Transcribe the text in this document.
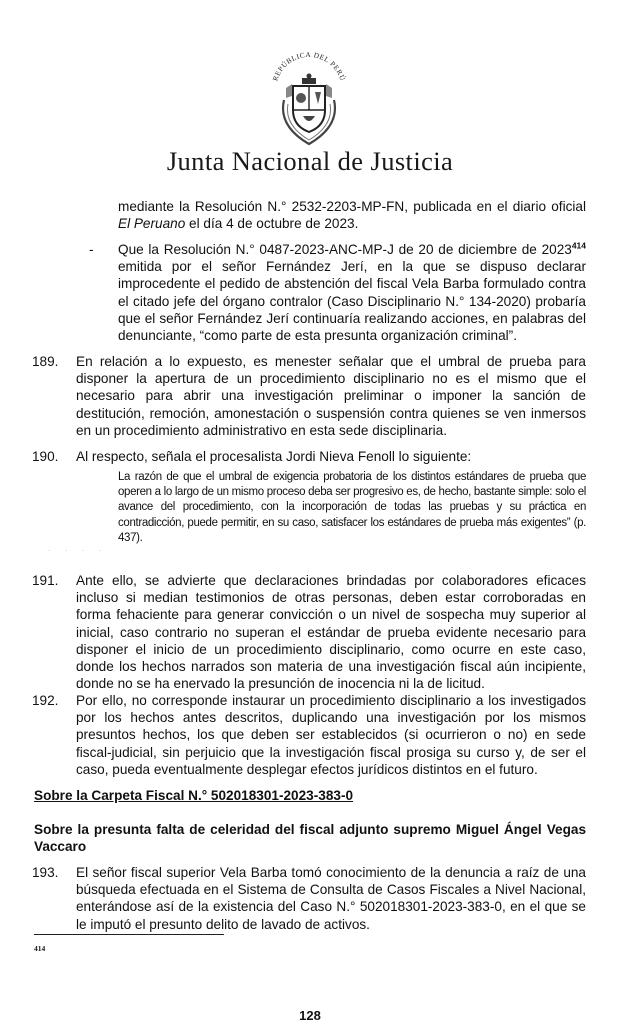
REPÚBLICA DEL PERÚ
Junta Nacional de Justicia

mediante la Resolución N.° 2532-2203-MP-FN, publicada en el diario oficial El Peruano el día 4 de octubre de 2023.

- Que la Resolución N.° 0487-2023-ANC-MP-J de 20 de diciembre de 2023$^{414}$ emitida por el señor Fernández Jerí, en la que se dispuso declarar improcedente el pedido de abstención del fiscal Vela Barba formulado contra el citado jefe del órgano contralor (Caso Disciplinario N.° 134-2020) probaría que el señor Fernández Jerí continuaría realizando acciones, en palabras del denunciante, “como parte de esta presunta organización criminal”.

189. En relación a lo expuesto, es menester señalar que el umbral de prueba para disponer la apertura de un procedimiento disciplinario no es el mismo que el necesario para abrir una investigación preliminar o imponer la sanción de destitución, remoción, amonestación o suspensión contra quienes se ven inmersos en un procedimiento administrativo en esta sede disciplinaria.

190. Al respecto, señala el procesalista Jordi Nieva Fenoll lo siguiente:

La razón de que el umbral de exigencia probatoria de los distintos estándares de prueba que operen a lo largo de un mismo proceso deba ser progresivo es, de hecho, bastante simple: solo el avance del procedimiento, con la incorporación de todas las pruebas y su práctica en contradicción, puede permitir, en su caso, satisfacer los estándares de prueba más exigentes” (p. 437).
· · · ·
191. Ante ello, se advierte que declaraciones brindadas por colaboradores eficaces incluso si median testimonios de otras personas, deben estar corroboradas en forma fehaciente para generar convicción o un nivel de sospecha muy superior al inicial, caso contrario no superan el estándar de prueba evidente necesario para disponer el inicio de un procedimiento disciplinario, como ocurre en este caso, donde los hechos narrados son materia de una investigación fiscal aún incipiente, donde no se ha enervado la presunción de inocencia ni la de licitud.

192. Por ello, no corresponde instaurar un procedimiento disciplinario a los investigados por los hechos antes descritos, duplicando una investigación por los mismos presuntos hechos, los que deben ser establecidos (si ocurrieron o no) en sede fiscal-judicial, sin perjuicio que la investigación fiscal prosiga su curso y, de ser el caso, pueda eventualmente desplegar efectos jurídicos distintos en el futuro.

Sobre la Carpeta Fiscal N.° 502018301-2023-383-0
Sobre la presunta falta de celeridad del fiscal adjunto supremo Miguel Ángel Vegas Vaccaro
193. El señor fiscal superior Vela Barba tomó conocimiento de la denuncia a raíz de una búsqueda efectuada en el Sistema de Consulta de Casos Fiscales a Nivel Nacional, enterándose así de la existencia del Caso N.° 502018301-2023-383-0, en el que se le imputó el presunto delito de lavado de activos.

414
128
